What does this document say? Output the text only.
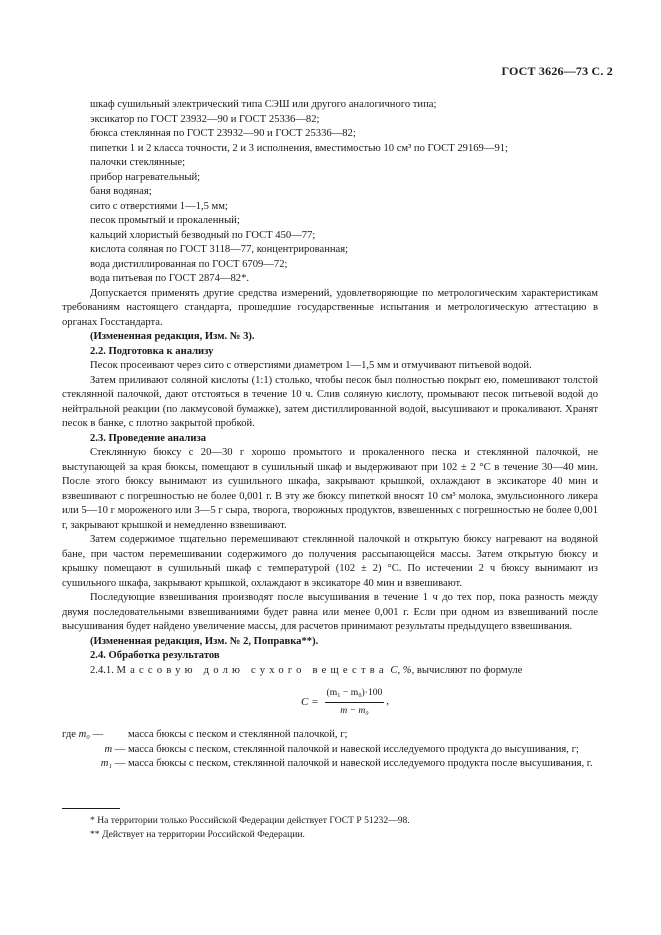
ГОСТ 3626—73 С. 2

шкаф сушильный электрический типа СЭШ или другого аналогичного типа;

эксикатор по ГОСТ 23932—90 и ГОСТ 25336—82;

бюкса стеклянная по ГОСТ 23932—90 и ГОСТ 25336—82;

пипетки 1 и 2 класса точности, 2 и 3 исполнения, вместимостью 10 см³ по ГОСТ 29169—91;

палочки стеклянные;

прибор нагревательный;

баня водяная;

сито с отверстиями 1—1,5 мм;

песок промытый и прокаленный;

кальций хлористый безводный по ГОСТ 450—77;

кислота соляная по ГОСТ 3118—77, концентрированная;

вода дистиллированная по ГОСТ 6709—72;

вода питьевая по ГОСТ 2874—82*.

Допускается применять другие средства измерений, удовлетворяющие по метрологическим характеристикам требованиям настоящего стандарта, прошедшие государственные испытания и метрологическую аттестацию в органах Госстандарта.

(Измененная редакция, Изм. № 3).

2.2. Подготовка к анализу

Песок просеивают через сито с отверстиями диаметром 1—1,5 мм и отмучивают питьевой водой.

Затем приливают соляной кислоты (1:1) столько, чтобы песок был полностью покрыт ею, помешивают толстой стеклянной палочкой, дают отстояться в течение 10 ч. Слив соляную кислоту, промывают песок питьевой водой до нейтральной реакции (по лакмусовой бумажке), затем дистиллированной водой, высушивают и прокаливают. Хранят песок в банке, с плотно закрытой пробкой.

2.3. Проведение анализа

Стеклянную бюксу с 20—30 г хорошо промытого и прокаленного песка и стеклянной палочкой, не выступающей за края бюксы, помещают в сушильный шкаф и выдерживают при 102 ± 2 °С в течение 30—40 мин. После этого бюксу вынимают из сушильного шкафа, закрывают крышкой, охлаждают в эксикаторе 40 мин и взвешивают с погрешностью не более 0,001 г. В эту же бюксу пипеткой вносят 10 см³ молока, эмульсионного ликера или 5—10 г мороженого или 3—5 г сыра, творога, творожных продуктов, взвешенных с погрешностью не более 0,001 г, закрывают крышкой и немедленно взвешивают.

Затем содержимое тщательно перемешивают стеклянной палочкой и открытую бюксу нагревают на водяной бане, при частом перемешивании содержимого до получения рассыпающейся массы. Затем открытую бюксу и крышку помещают в сушильный шкаф с температурой (102 ± 2) °С. По истечении 2 ч бюксу вынимают из сушильного шкафа, закрывают крышкой, охлаждают в эксикаторе 40 мин и взвешивают.

Последующие взвешивания производят после высушивания в течение 1 ч до тех пор, пока разность между двумя последовательными взвешиваниями будет равна или менее 0,001 г. Если при одном из взвешиваний после высушивания будет найдено увеличение массы, для расчетов принимают результаты предыдущего взвешивания.

(Измененная редакция, Изм. № 2, Поправка**).

2.4. Обработка результатов

2.4.1. Массовую долю сухого вещества С, %, вычисляют по формуле

$C = \frac{\text{(m₁ − m₀)·100}}{\text{m − m₀}}$ ,
где m₀ —	масса бюксы с песком и стеклянной палочкой, г;
m — масса бюксы с песком, стеклянной палочкой и навеской исследуемого продукта до высушивания, г;
m₁ — масса бюксы с песком, стеклянной палочкой и навеской исследуемого продукта после высушивания, г.

* На территории только Российской Федерации действует ГОСТ Р 51232—98.

** Действует на территории Российской Федерации.
